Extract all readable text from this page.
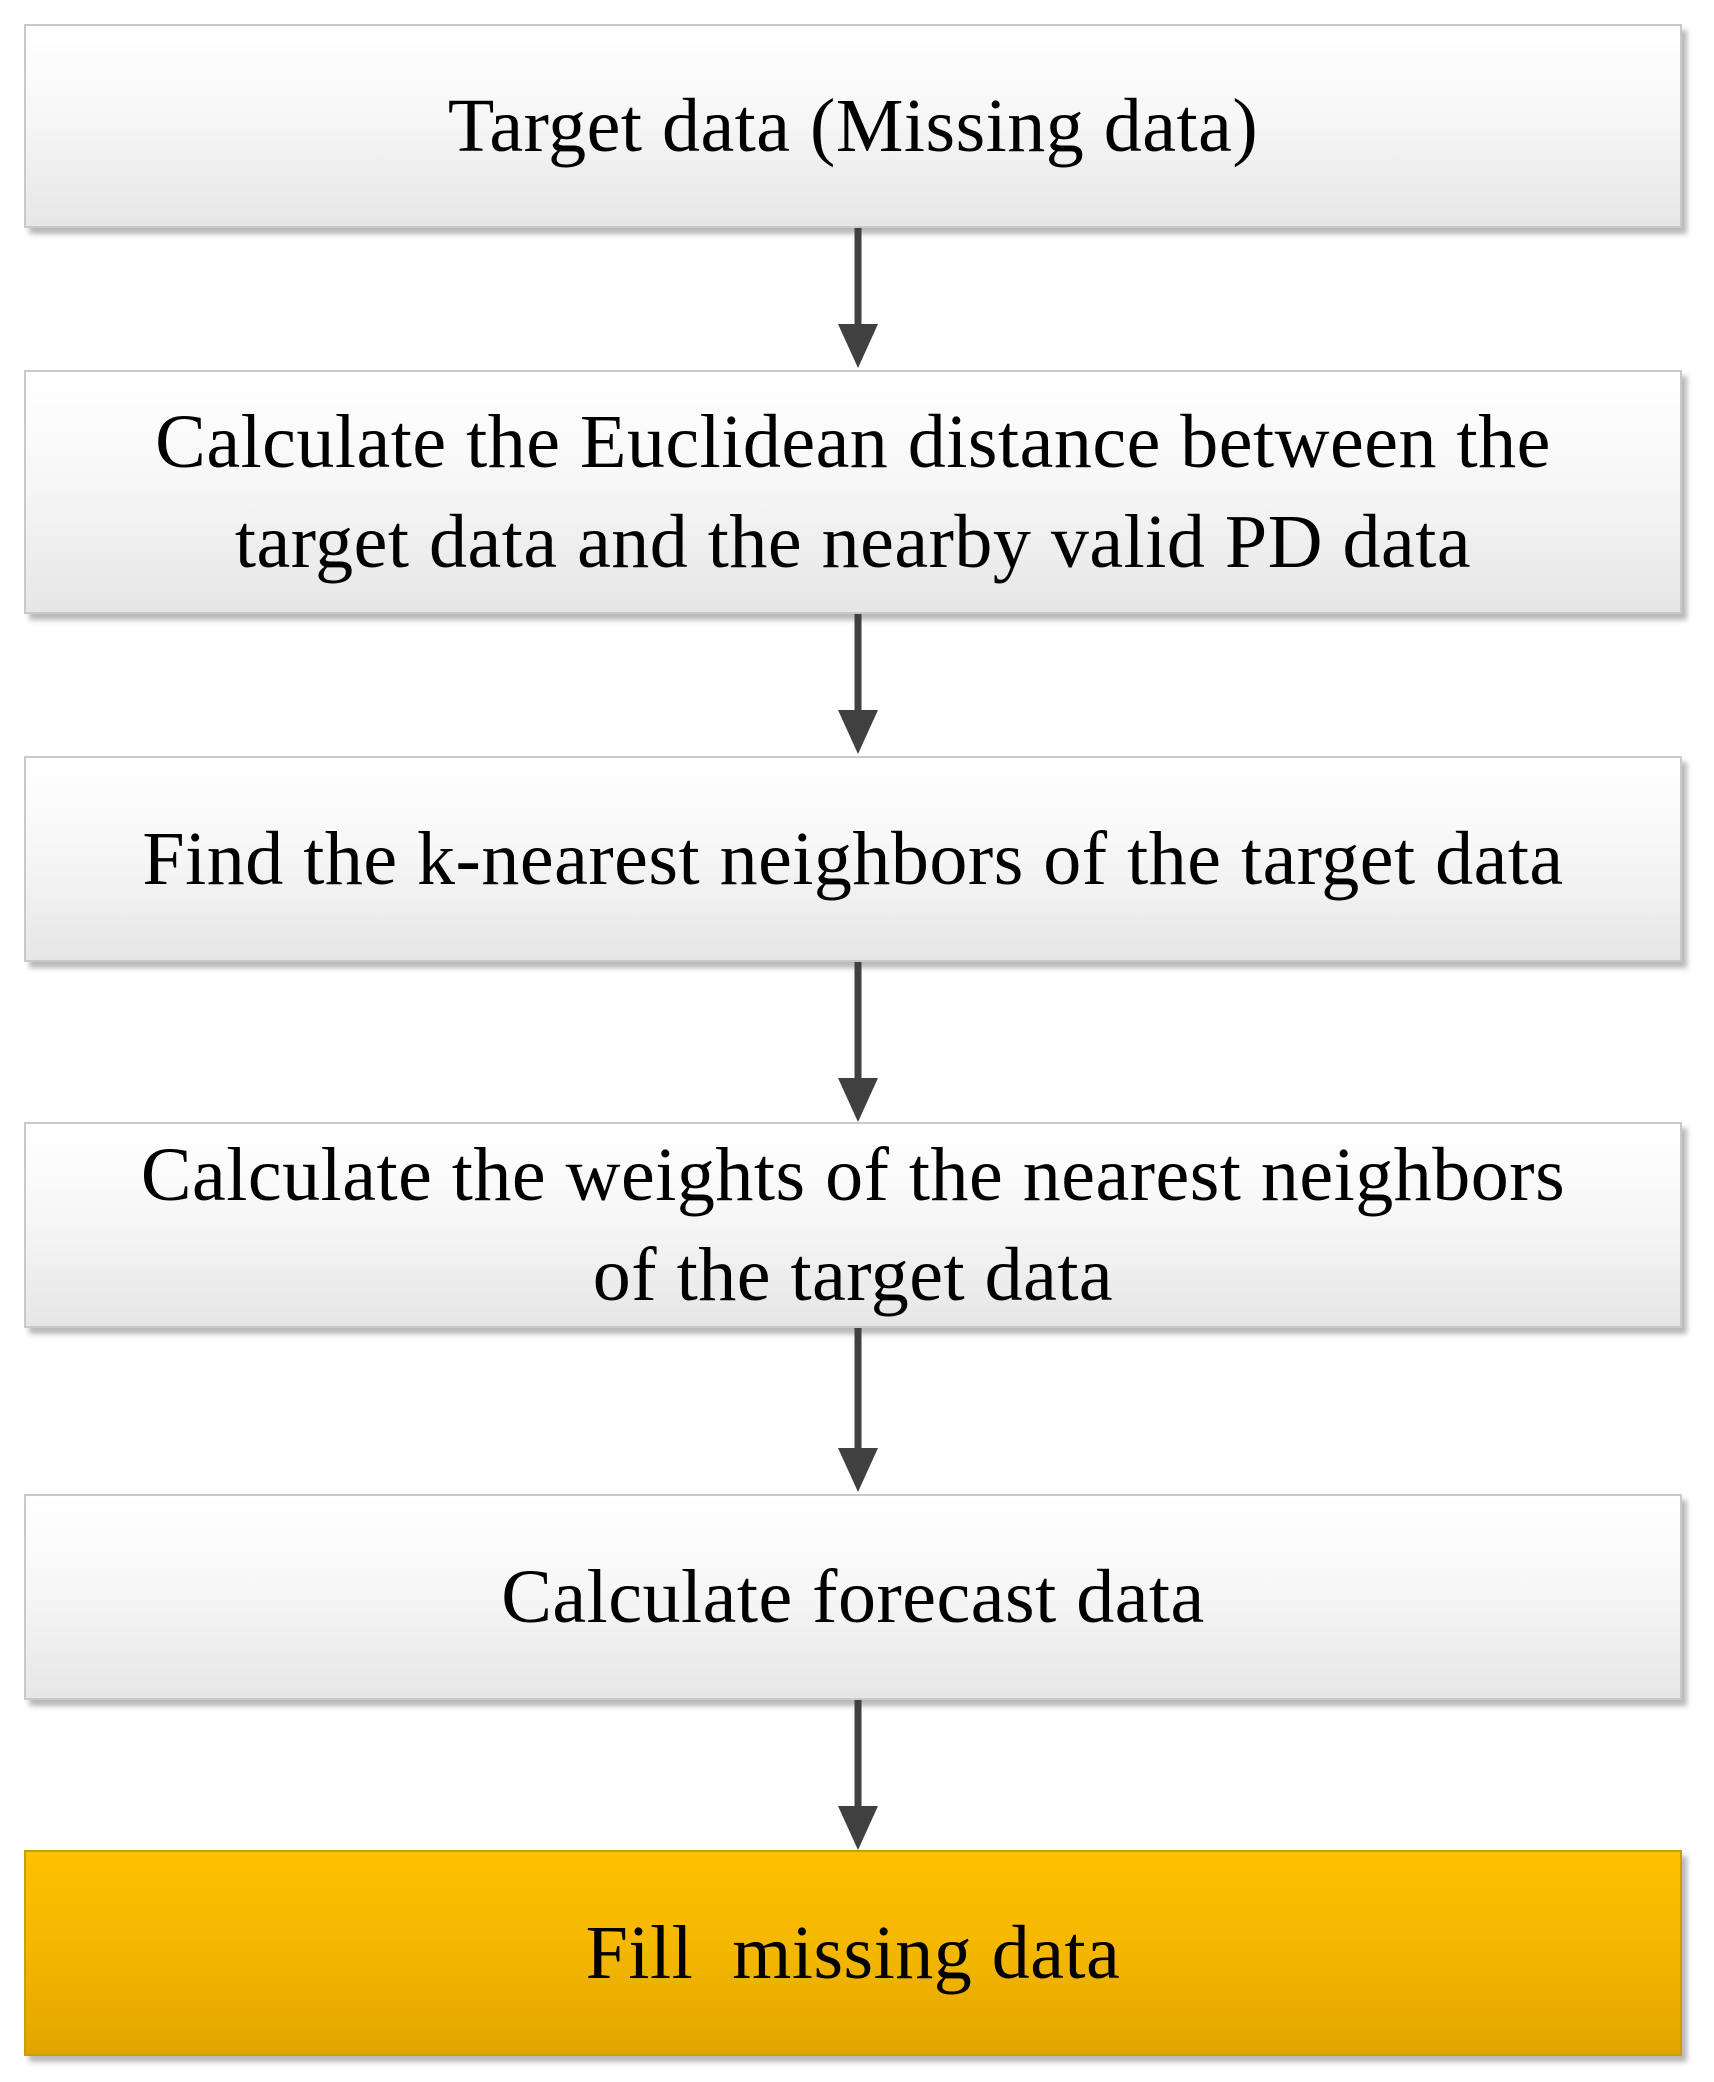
Target data (Missing data)
Calculate the Euclidean distance between the
target data and the nearby valid PD data
Find the k-nearest neighbors of the target data
Calculate the weights of the nearest neighbors
of the target data
Calculate forecast data
Fill  missing data
